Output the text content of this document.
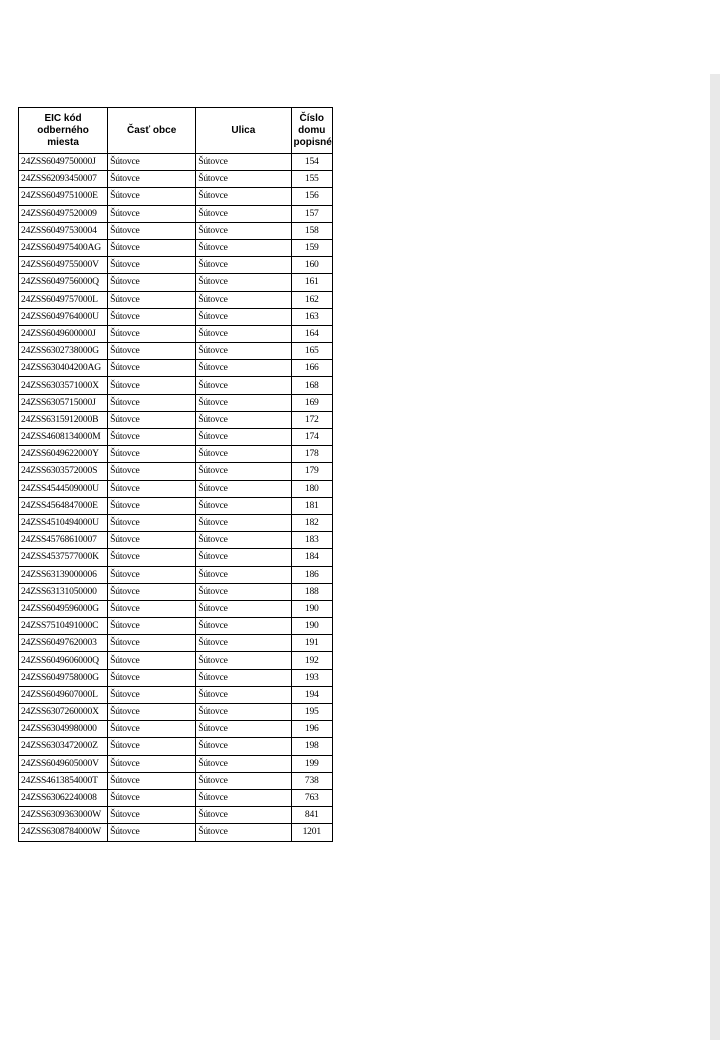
EIC kód odberného miesta	Časť obce	Ulica	Číslo domu popisné
24ZSS6049750000J	Šútovce	Šútovce	154
24ZSS62093450007	Šútovce	Šútovce	155
24ZSS6049751000E	Šútovce	Šútovce	156
24ZSS60497520009	Šútovce	Šútovce	157
24ZSS60497530004	Šútovce	Šútovce	158
24ZSS604975400AG	Šútovce	Šútovce	159
24ZSS6049755000V	Šútovce	Šútovce	160
24ZSS6049756000Q	Šútovce	Šútovce	161
24ZSS6049757000L	Šútovce	Šútovce	162
24ZSS6049764000U	Šútovce	Šútovce	163
24ZSS6049600000J	Šútovce	Šútovce	164
24ZSS6302738000G	Šútovce	Šútovce	165
24ZSS630404200AG	Šútovce	Šútovce	166
24ZSS6303571000X	Šútovce	Šútovce	168
24ZSS6305715000J	Šútovce	Šútovce	169
24ZSS6315912000B	Šútovce	Šútovce	172
24ZSS4608134000M	Šútovce	Šútovce	174
24ZSS6049622000Y	Šútovce	Šútovce	178
24ZSS6303572000S	Šútovce	Šútovce	179
24ZSS4544509000U	Šútovce	Šútovce	180
24ZSS4564847000E	Šútovce	Šútovce	181
24ZSS4510494000U	Šútovce	Šútovce	182
24ZSS45768610007	Šútovce	Šútovce	183
24ZSS4537577000K	Šútovce	Šútovce	184
24ZSS63139000006	Šútovce	Šútovce	186
24ZSS63131050000	Šútovce	Šútovce	188
24ZSS6049596000G	Šútovce	Šútovce	190
24ZSS7510491000C	Šútovce	Šútovce	190
24ZSS60497620003	Šútovce	Šútovce	191
24ZSS6049606000Q	Šútovce	Šútovce	192
24ZSS6049758000G	Šútovce	Šútovce	193
24ZSS6049607000L	Šútovce	Šútovce	194
24ZSS6307260000X	Šútovce	Šútovce	195
24ZSS63049980000	Šútovce	Šútovce	196
24ZSS6303472000Z	Šútovce	Šútovce	198
24ZSS6049605000V	Šútovce	Šútovce	199
24ZSS4613854000T	Šútovce	Šútovce	738
24ZSS63062240008	Šútovce	Šútovce	763
24ZSS6309363000W	Šútovce	Šútovce	841
24ZSS6308784000W	Šútovce	Šútovce	1201
